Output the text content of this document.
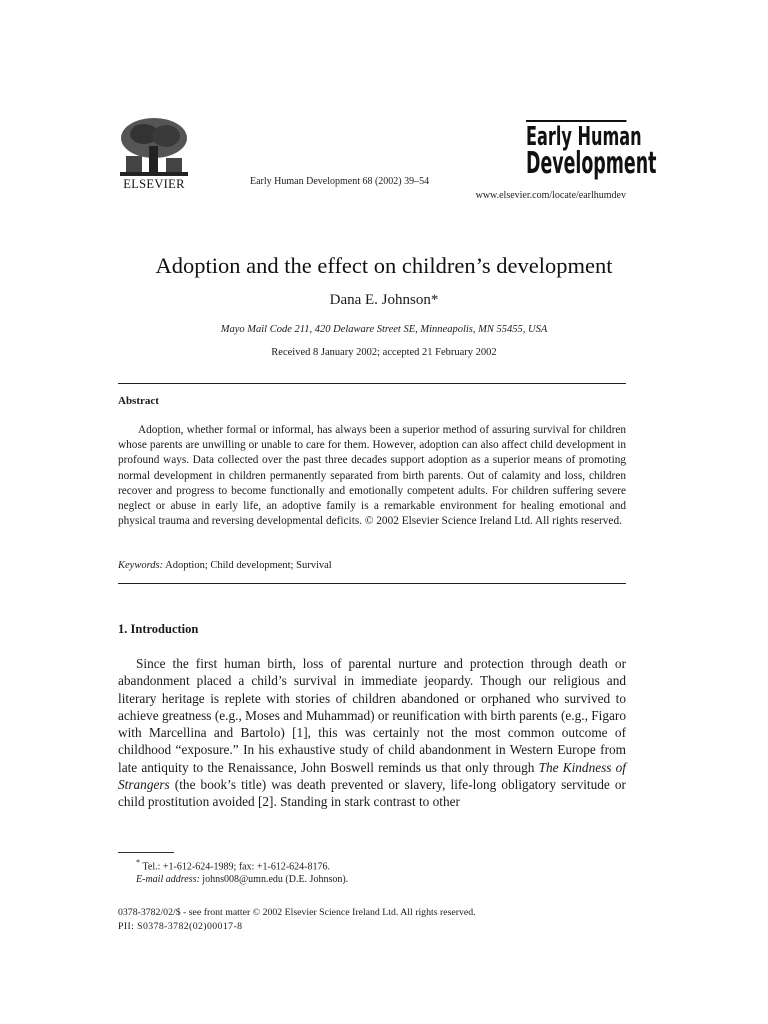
ELSEVIER	Early Human Development 68 (2002) 39–54
www.elsevier.com/locate/earlhumdev
Early Human
Development
Adoption and the effect on children’s development
Dana E. Johnson*
Mayo Mail Code 211, 420 Delaware Street SE, Minneapolis, MN 55455, USA
Received 8 January 2002; accepted 21 February 2002
Abstract
Adoption, whether formal or informal, has always been a superior method of assuring survival for children whose parents are unwilling or unable to care for them. However, adoption can also affect child development in profound ways. Data collected over the past three decades support adoption as a superior means of promoting normal development in children permanently separated from birth parents. Out of calamity and loss, children recover and progress to become functionally and emotionally competent adults. For children suffering severe neglect or abuse in early life, an adoptive family is a remarkable environment for healing emotional and physical trauma and reversing developmental deficits. © 2002 Elsevier Science Ireland Ltd. All rights reserved.
Keywords: Adoption; Child development; Survival
1. Introduction
Since the first human birth, loss of parental nurture and protection through death or abandonment placed a child’s survival in immediate jeopardy. Though our religious and literary heritage is replete with stories of children abandoned or orphaned who survived to achieve greatness (e.g., Moses and Muhammad) or reunification with birth parents (e.g., Figaro with Marcellina and Bartolo) [1], this was certainly not the most common outcome of childhood “exposure.” In his exhaustive study of child abandonment in Western Europe from late antiquity to the Renaissance, John Boswell reminds us that only through The Kindness of Strangers (the book’s title) was death prevented or slavery, life-long obligatory servitude or child prostitution avoided [2]. Standing in stark contrast to other
* Tel.: +1-612-624-1989; fax: +1-612-624-8176.
E-mail address: johns008@umn.edu (D.E. Johnson).
0378-3782/02/$ - see front matter © 2002 Elsevier Science Ireland Ltd. All rights reserved.
PII: S0378-3782(02)00017-8
